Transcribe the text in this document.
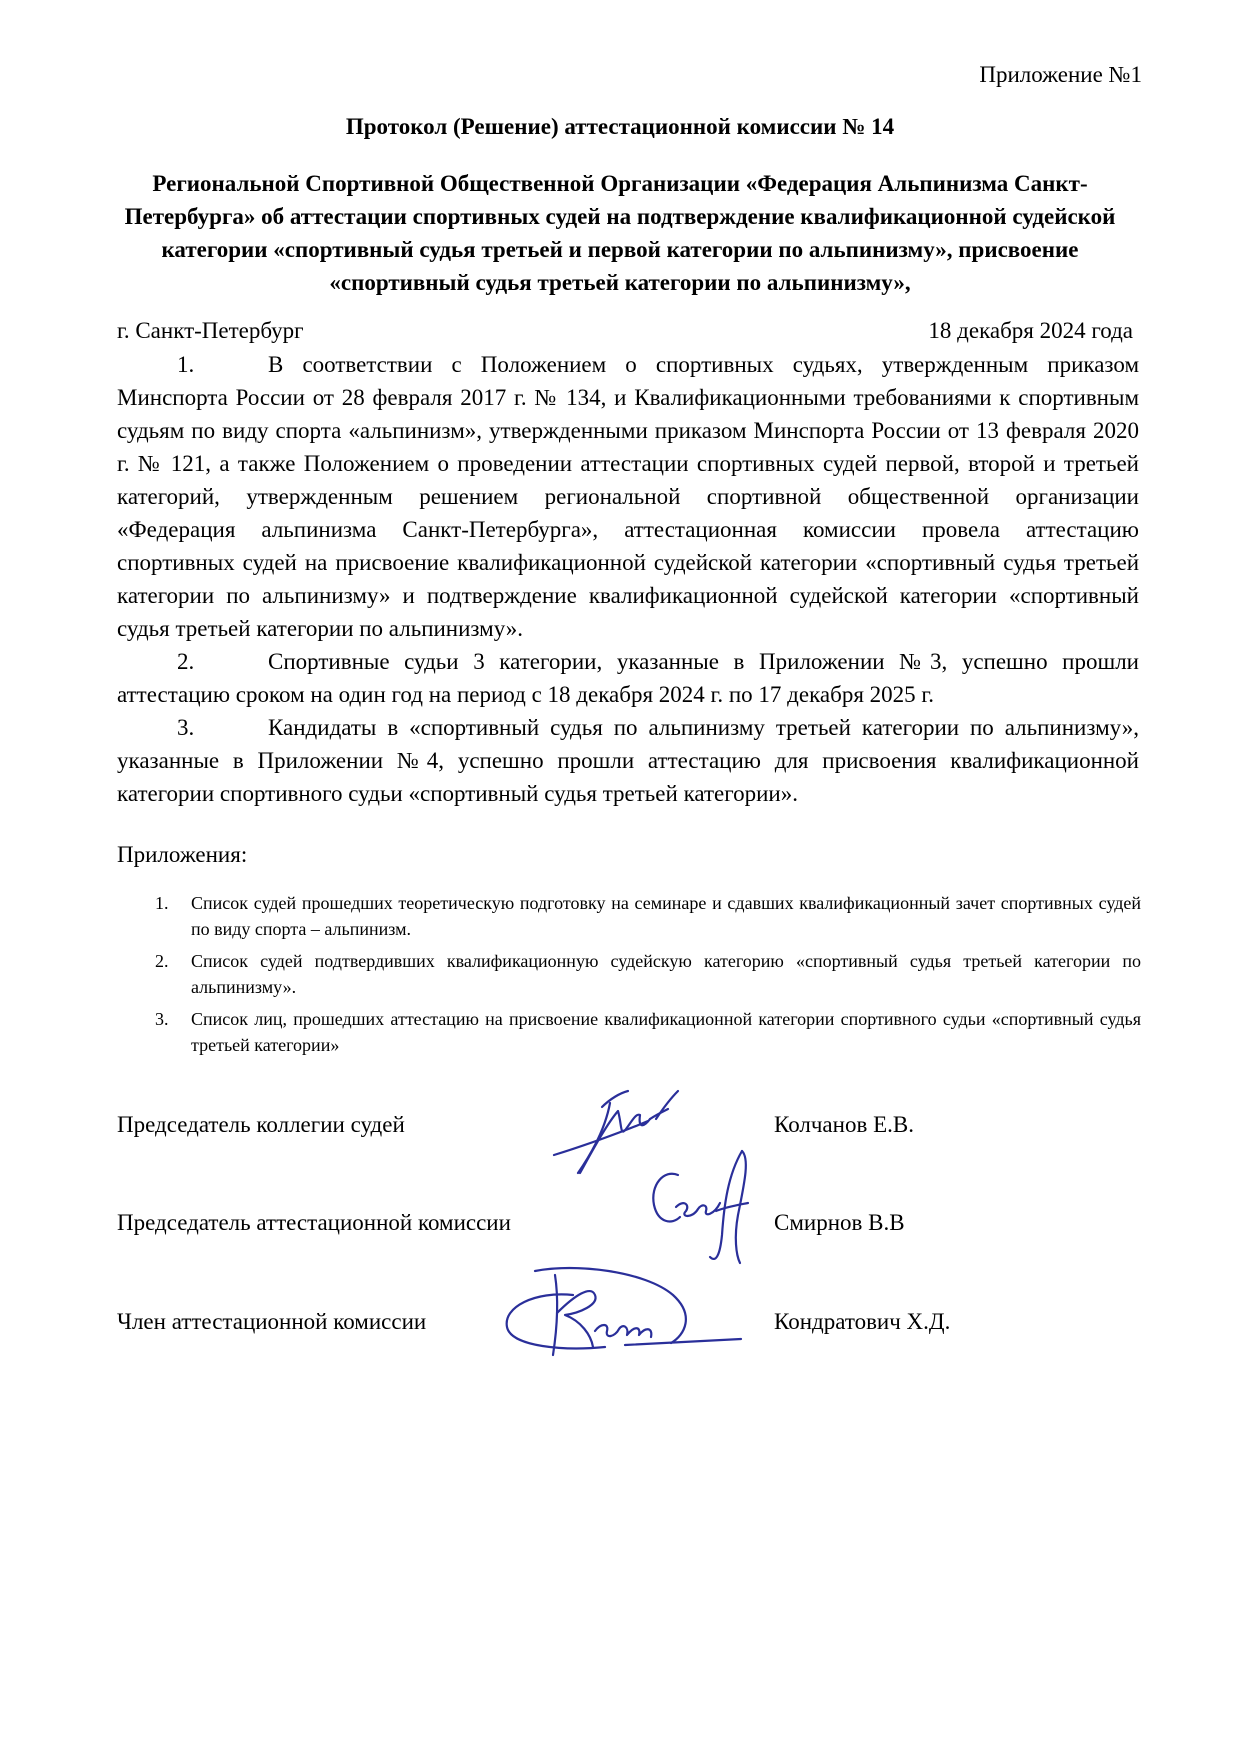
Приложение №1
Протокол (Решение) аттестационной комиссии № 14
Региональной Спортивной Общественной Организации «Федерация Альпинизма Санкт-Петербурга» об аттестации спортивных судей на подтверждение квалификационной судейской категории «спортивный судья третьей и первой категории по альпинизму», присвоение «спортивный судья третьей категории по альпинизму»,
г. Санкт-Петербург	18 декабря 2024 года

1.	В соответствии с Положением о спортивных судьях, утвержденным приказом Минспорта России от 28 февраля 2017 г. № 134, и Квалификационными требованиями к спортивным судьям по виду спорта «альпинизм», утвержденными приказом Минспорта России от 13 февраля 2020 г. № 121, а также Положением о проведении аттестации спортивных судей первой, второй и третьей категорий, утвержденным решением региональной спортивной общественной организации «Федерация альпинизма Санкт-Петербурга», аттестационная комиссии провела аттестацию спортивных судей на присвоение квалификационной судейской категории «спортивный судья третьей категории по альпинизму» и подтверждение квалификационной судейской категории «спортивный судья третьей категории по альпинизму».

2.	Спортивные судьи 3 категории, указанные в Приложении №3, успешно прошли аттестацию сроком на один год на период с 18 декабря 2024 г. по 17 декабря 2025 г.

3.	Кандидаты в «спортивный судья по альпинизму третьей категории по альпинизму», указанные в Приложении №4, успешно прошли аттестацию для присвоения квалификационной категории спортивного судьи «спортивный судья третьей категории».

Приложения:
1. Список судей прошедших теоретическую подготовку на семинаре и сдавших квалификационный зачет спортивных судей по виду спорта – альпинизм.
2. Список судей подтвердивших квалификационную судейскую категорию «спортивный судья третьей категории по альпинизму».
3. Список лиц, прошедших аттестацию на присвоение квалификационной категории спортивного судьи «спортивный судья третьей категории»
Председатель коллегии судей	Колчанов Е.В.
Председатель аттестационной комиссии	Смирнов В.В
Член аттестационной комиссии	Кондратович Х.Д.
